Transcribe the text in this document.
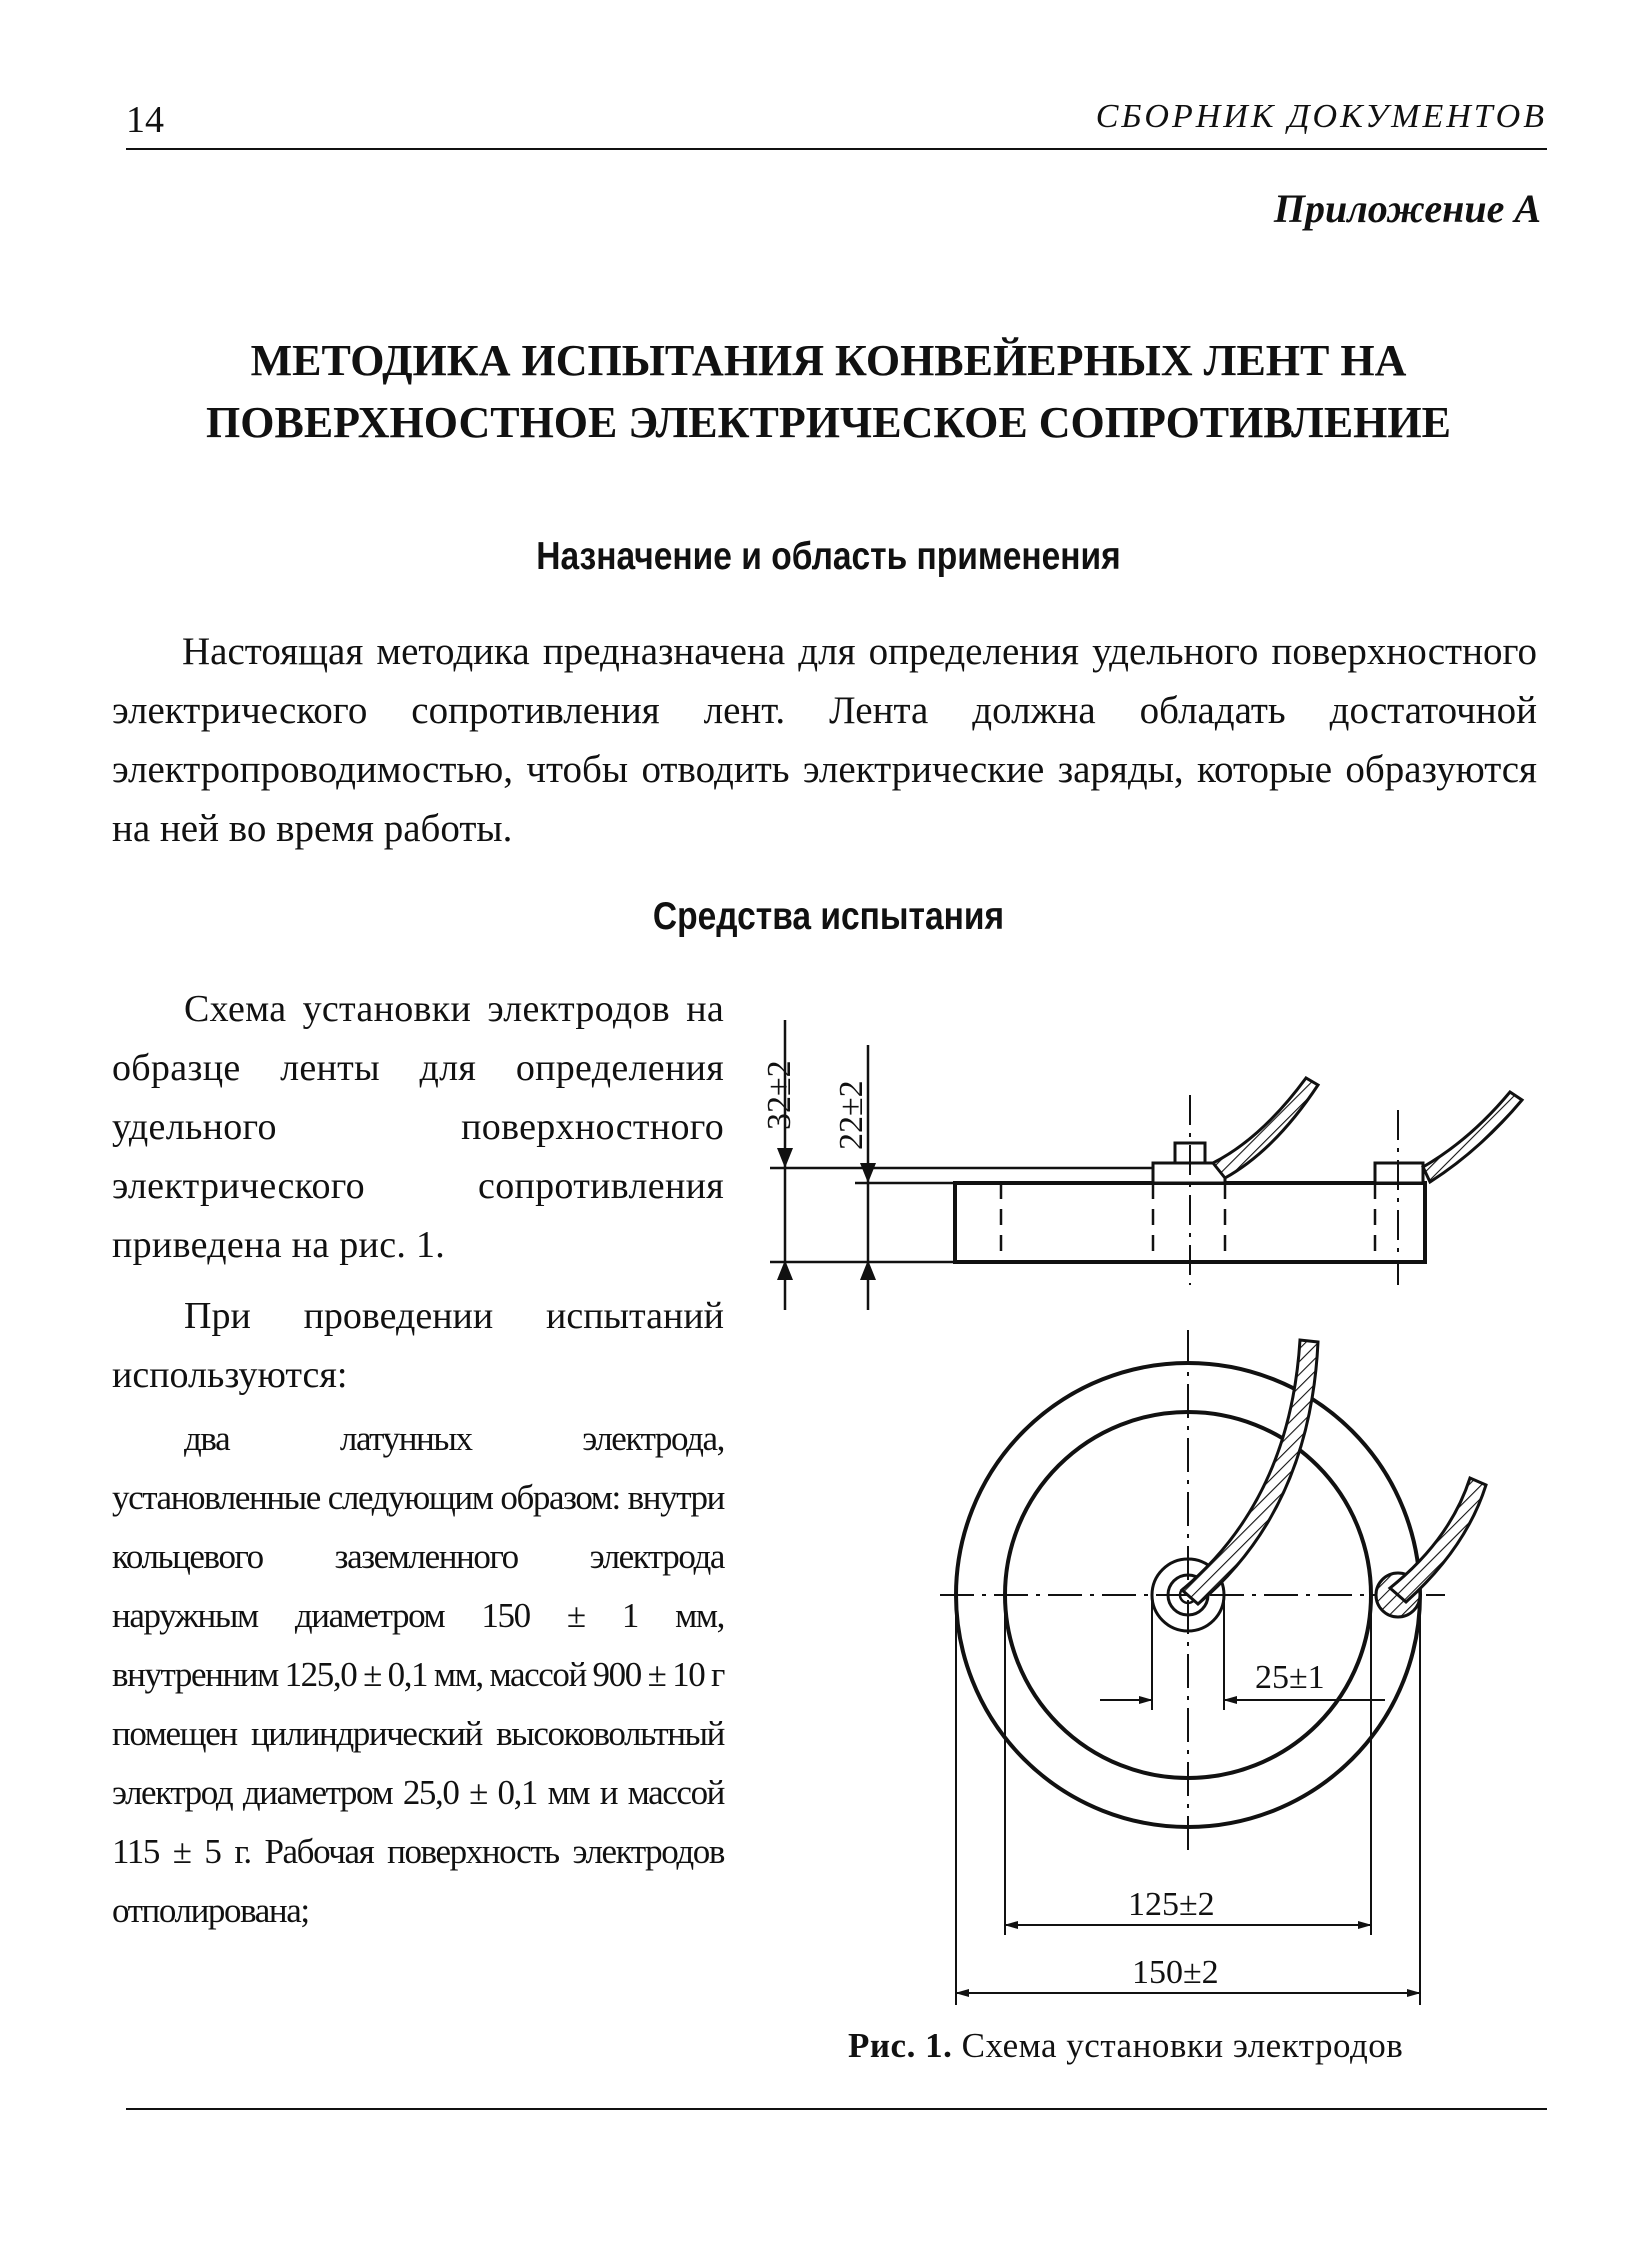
14	СБОРНИК ДОКУМЕНТОВ
Приложение А
МЕТОДИКА ИСПЫТАНИЯ КОНВЕЙЕРНЫХ ЛЕНТ НА ПОВЕРХНОСТНОЕ ЭЛЕКТРИЧЕСКОЕ СОПРОТИВЛЕНИЕ
Назначение и область применения

Настоящая методика предназначена для определения удельного поверхностного электрического сопротивления лент. Лента должна обладать достаточной электропроводимостью, чтобы отводить электрические заряды, которые образуются на ней во время работы.

Средства испытания

Схема установки электродов на образце ленты для определения удельного поверхностного электрического сопротивления приведена на рис. 1.

При проведении испытаний используются:

два латунных электрода, установленные следующим образом: внутри кольцевого заземленного электрода наружным диаметром 150 ± 1 мм, внутренним 125,0 ± 0,1 мм, массой 900 ± 10 г помещен цилиндрический высоковольтный электрод диаметром 25,0 ± 0,1 мм и массой 115 ± 5 г. Рабочая поверхность электродов отполирована;

32±2 22±2
25±1
125±2
150±2
Рис. 1. Схема установки электродов
